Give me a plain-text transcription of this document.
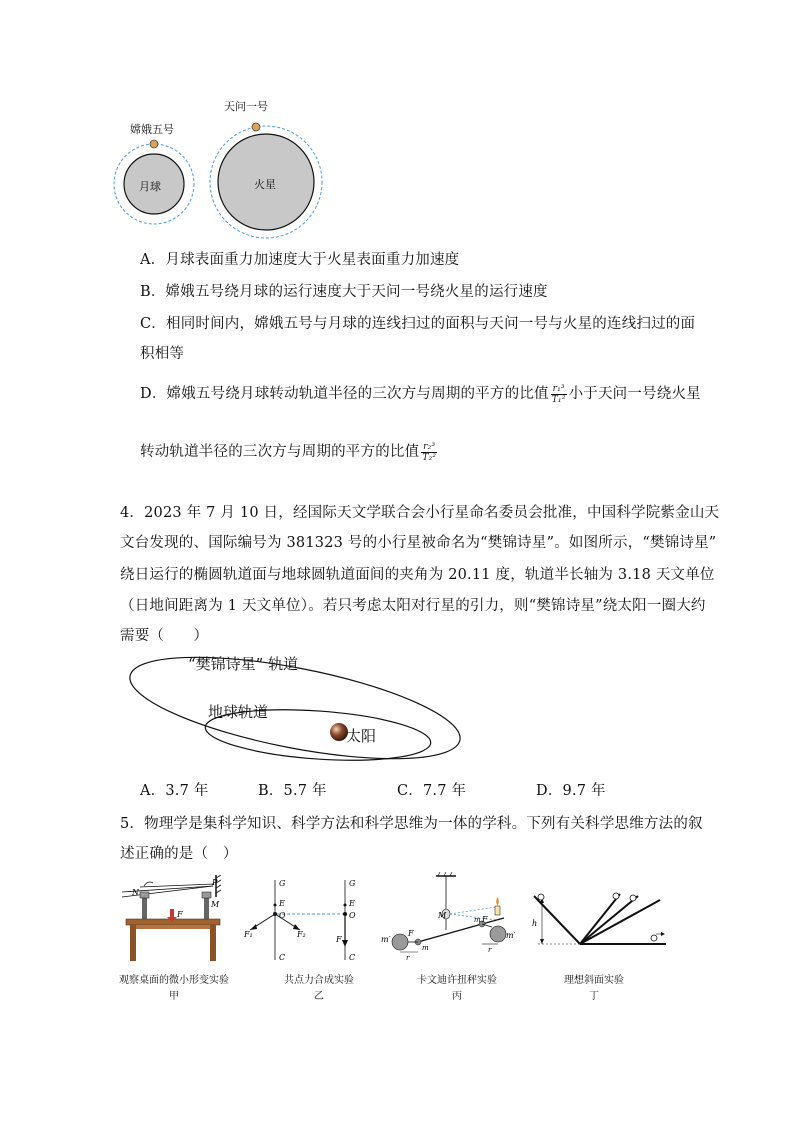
嫦娥五号
月球
天问一号
火星
A．月球表面重力加速度大于火星表面重力加速度
B．嫦娥五号绕月球的运行速度大于天问一号绕火星的运行速度
C．相同时间内，嫦娥五号与月球的连线扫过的面积与天问一号与火星的连线扫过的面
积相等
D．嫦娥五号绕月球转动轨道半径的三次方与周期的平方的比值 $\frac{\text{r₁³}}{\text{T₁²}}$ 小于天问一号绕火星
转动轨道半径的三次方与周期的平方的比值 $\frac{\text{r₂³}}{\text{T₂²}}$
4．2023 年 7 月 10 日，经国际天文学联合会小行星命名委员会批准，中国科学院紫金山天
文台发现的、国际编号为 381323 号的小行星被命名为“樊锦诗星”。如图所示，“樊锦诗星”
绕日运行的椭圆轨道面与地球圆轨道面间的夹角为 20.11 度，轨道半长轴为 3.18 天文单位
（日地间距离为 1 天文单位）。若只考虑太阳对行星的引力，则“樊锦诗星”绕太阳一圈大约
需要（　　）
“樊锦诗星” 轨道
地球轨道
太阳
A．3.7 年	B．5.7 年	C．7.7 年	D．9.7 年
5．物理学是集科学知识、科学方法和科学思维为一体的学科。下列有关科学思维方法的叙
述正确的是（　）
N
P
M
F
观察桌面的微小形变实验
甲
G
E
O
F₁	F₂
C
G
E
O
F
C
共点力合成实验
乙
M
m′
F
m
m F
m′
r
r
卡文迪许扭秤实验
丙
h
理想斜面实验
丁
